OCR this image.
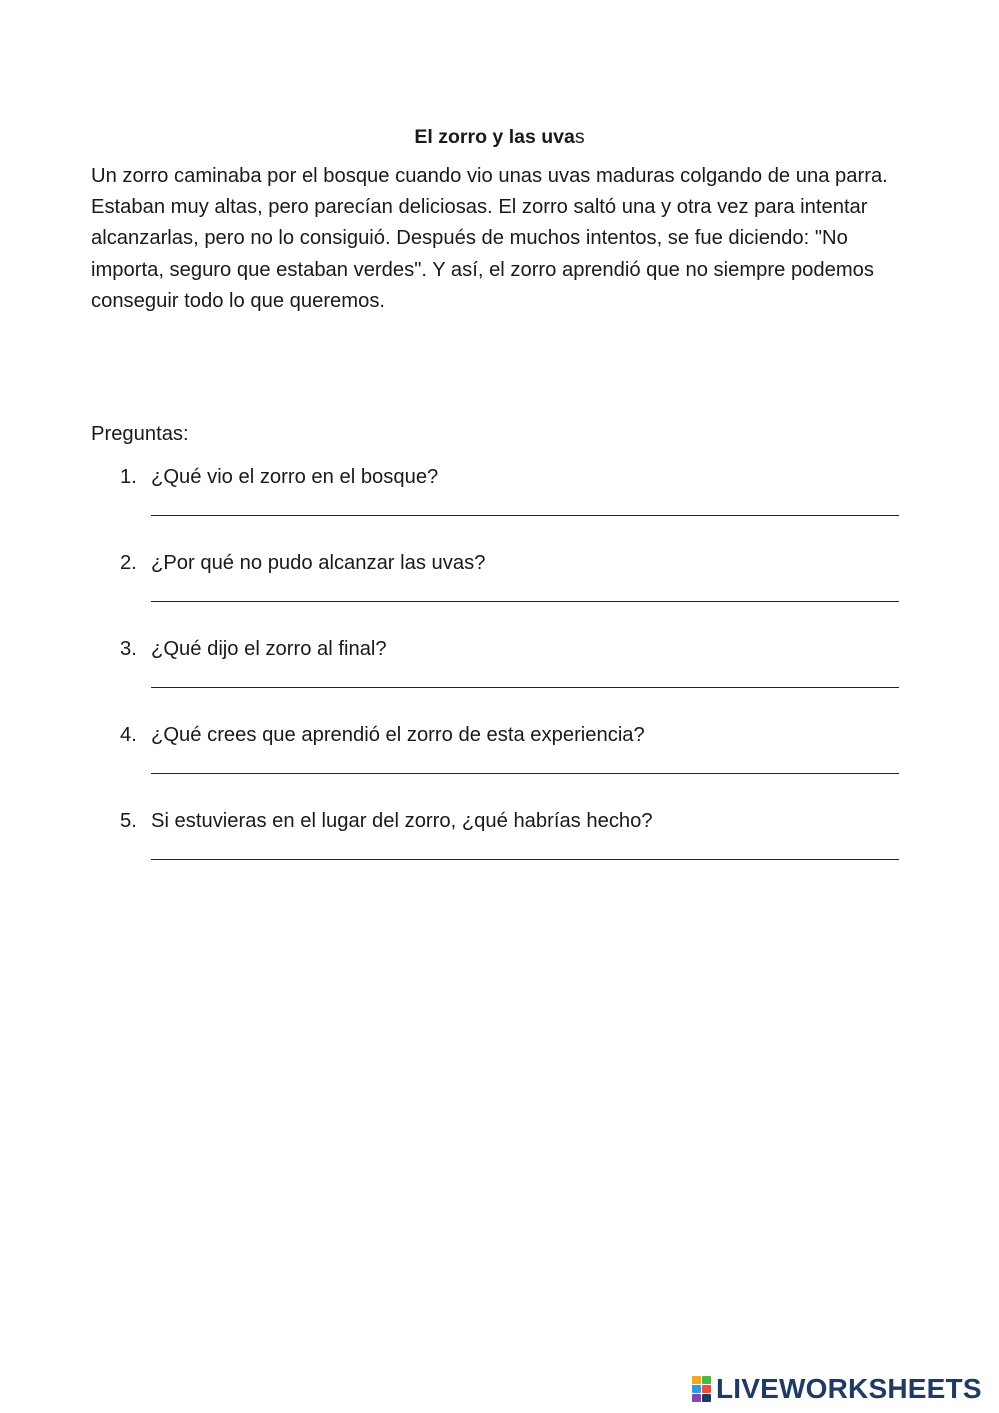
El zorro y las uvas

Un zorro caminaba por el bosque cuando vio unas uvas maduras colgando de una parra. Estaban muy altas, pero parecían deliciosas. El zorro saltó una y otra vez para intentar alcanzarlas, pero no lo consiguió. Después de muchos intentos, se fue diciendo: "No importa, seguro que estaban verdes". Y así, el zorro aprendió que no siempre podemos conseguir todo lo que queremos.

Preguntas:
1. ¿Qué vio el zorro en el bosque?
2. ¿Por qué no pudo alcanzar las uvas?
3. ¿Qué dijo el zorro al final?
4. ¿Qué crees que aprendió el zorro de esta experiencia?
5. Si estuvieras en el lugar del zorro, ¿qué habrías hecho?
LIVEWORKSHEETS
